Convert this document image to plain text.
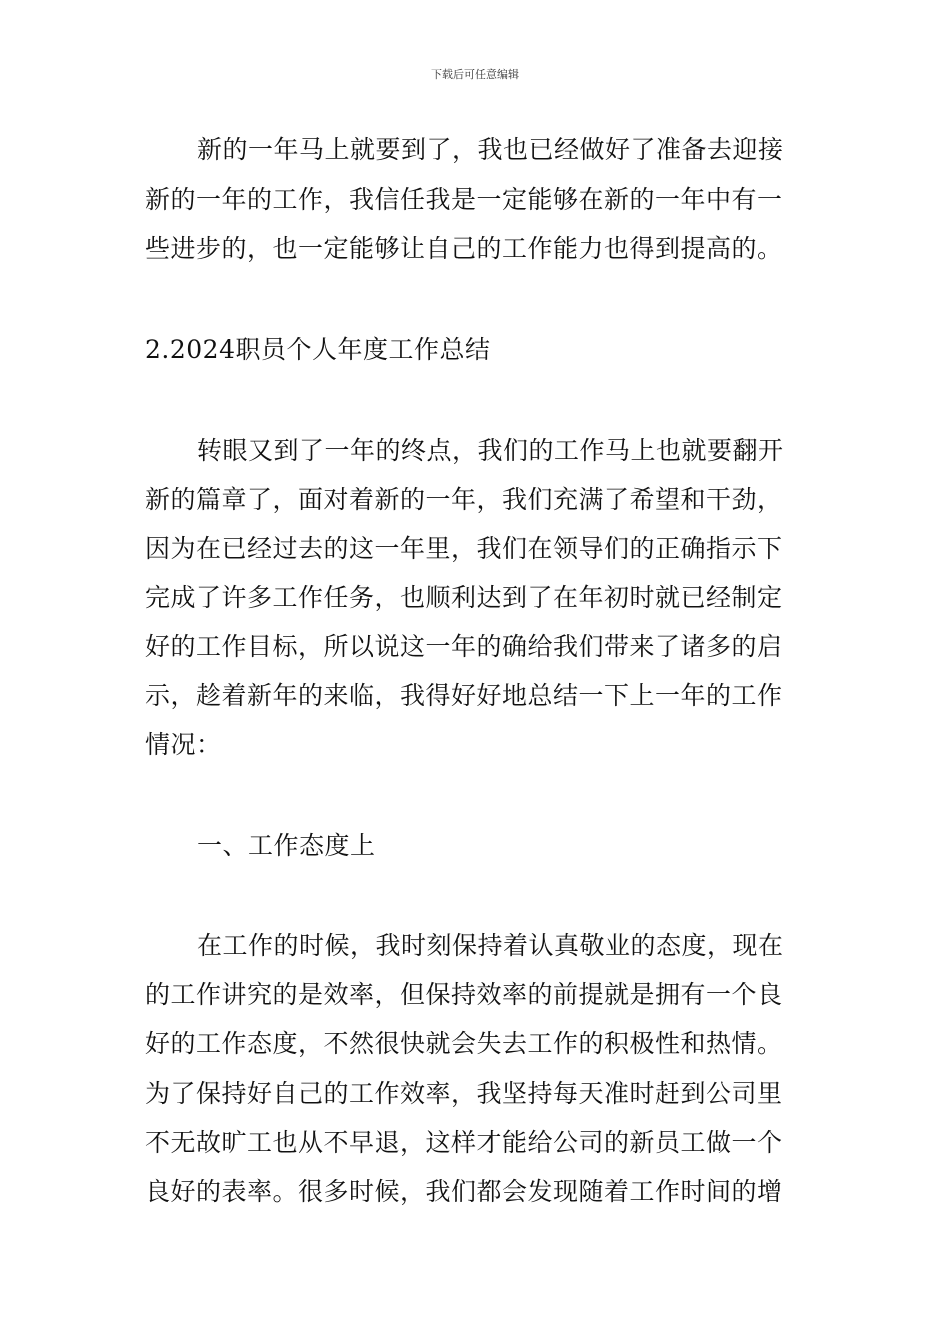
下载后可任意编辑
新的一年马上就要到了，我也已经做好了准备去迎接
新的一年的工作，我信任我是一定能够在新的一年中有一
些进步的，也一定能够让自己的工作能力也得到提高的。
2.2024职员个人年度工作总结
转眼又到了一年的终点，我们的工作马上也就要翻开
新的篇章了，面对着新的一年，我们充满了希望和干劲，
因为在已经过去的这一年里，我们在领导们的正确指示下
完成了许多工作任务，也顺利达到了在年初时就已经制定
好的工作目标，所以说这一年的确给我们带来了诸多的启
示，趁着新年的来临，我得好好地总结一下上一年的工作
情况：
一、工作态度上
在工作的时候，我时刻保持着认真敬业的态度，现在
的工作讲究的是效率，但保持效率的前提就是拥有一个良
好的工作态度，不然很快就会失去工作的积极性和热情。
为了保持好自己的工作效率，我坚持每天准时赶到公司里
不无故旷工也从不早退，这样才能给公司的新员工做一个
良好的表率。很多时候，我们都会发现随着工作时间的增
